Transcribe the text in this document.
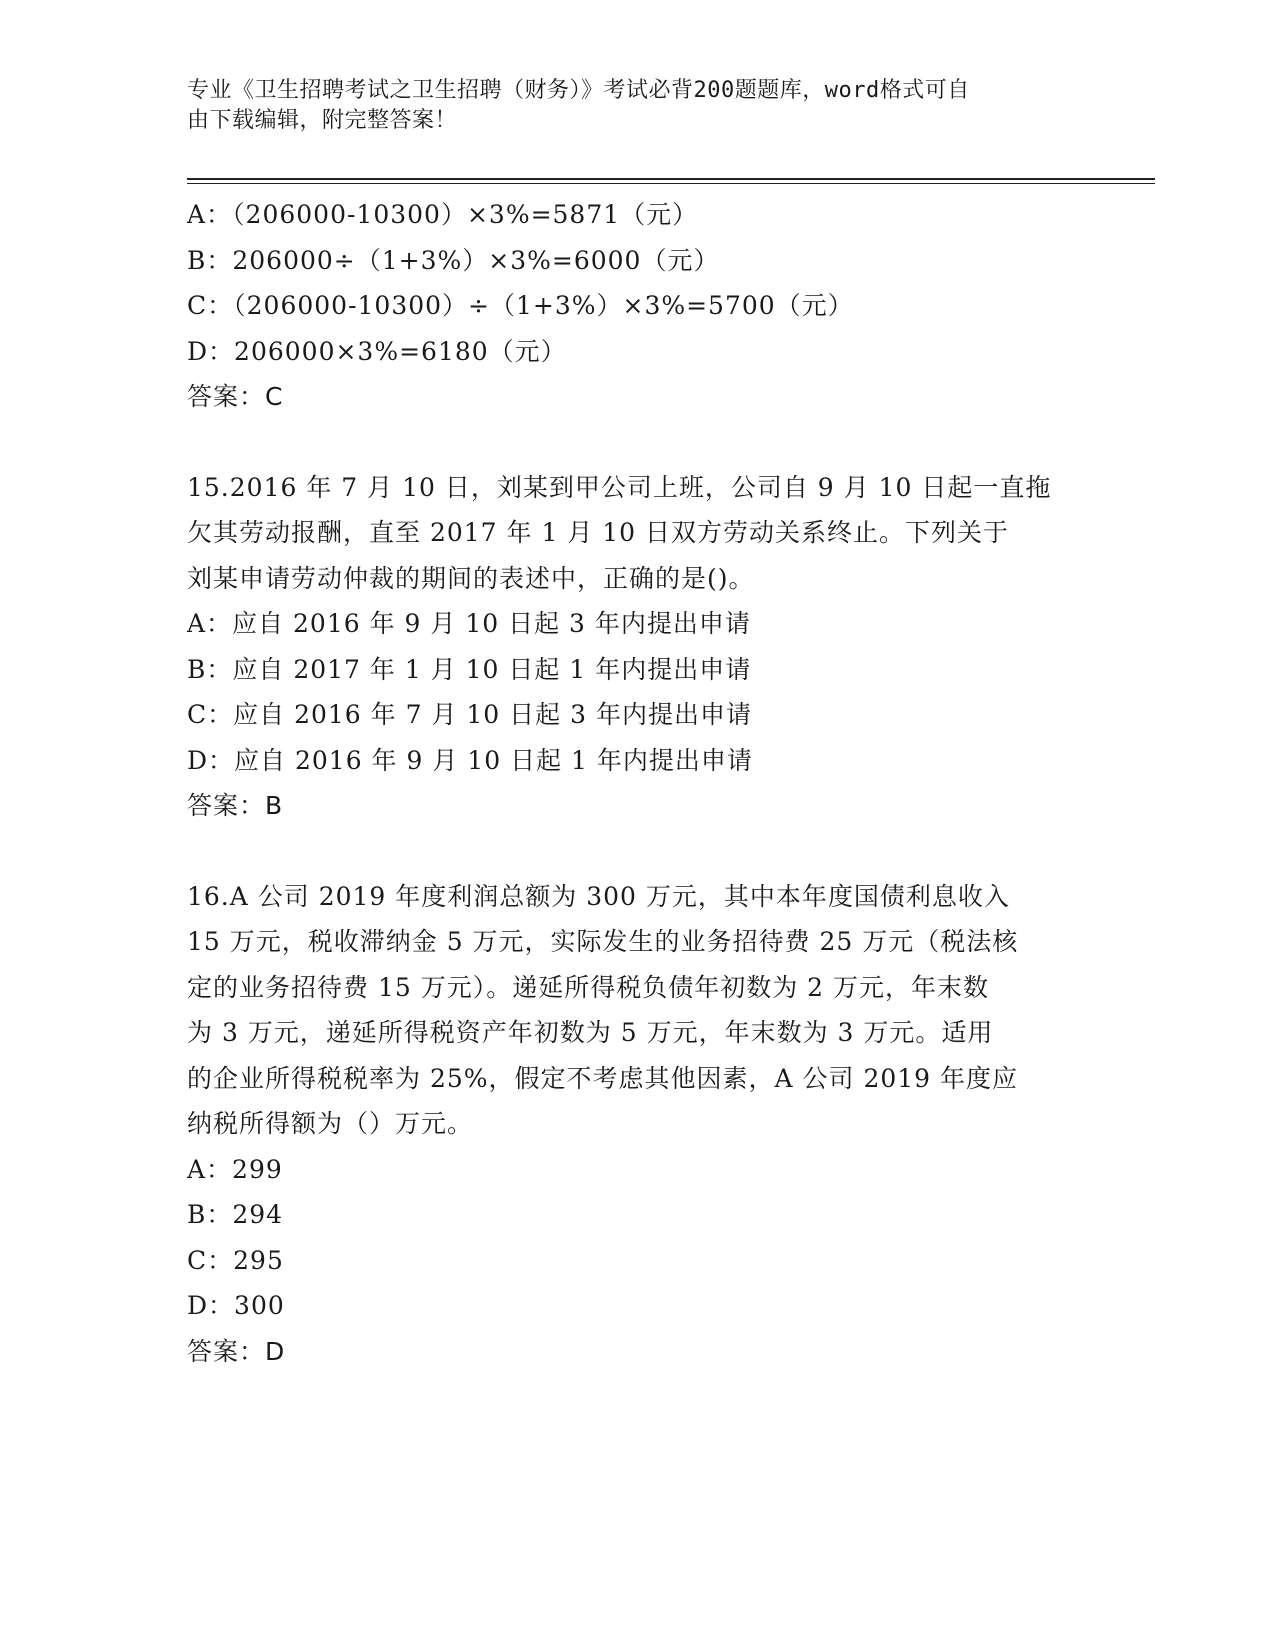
专业《卫生招聘考试之卫生招聘（财务）》考试必背200题题库，word格式可自
由下载编辑，附完整答案！
A：（206000-10300）×3%=5871（元）
B：206000÷（1+3%）×3%=6000（元）
C：（206000-10300）÷（1+3%）×3%=5700（元）
D：206000×3%=6180（元）
答案：C
15.2016 年 7 月 10 日，刘某到甲公司上班，公司自 9 月 10 日起一直拖
欠其劳动报酬，直至 2017 年 1 月 10 日双方劳动关系终止。下列关于
刘某申请劳动仲裁的期间的表述中，正确的是()。
A：应自 2016 年 9 月 10 日起 3 年内提出申请
B：应自 2017 年 1 月 10 日起 1 年内提出申请
C：应自 2016 年 7 月 10 日起 3 年内提出申请
D：应自 2016 年 9 月 10 日起 1 年内提出申请
答案：B
16.A 公司 2019 年度利润总额为 300 万元，其中本年度国债利息收入
15 万元，税收滞纳金 5 万元，实际发生的业务招待费 25 万元（税法核
定的业务招待费 15 万元）。递延所得税负债年初数为 2 万元，年末数
为 3 万元，递延所得税资产年初数为 5 万元，年末数为 3 万元。适用
的企业所得税税率为 25%，假定不考虑其他因素，A 公司 2019 年度应
纳税所得额为（）万元。
A：299
B：294
C：295
D：300
答案：D
